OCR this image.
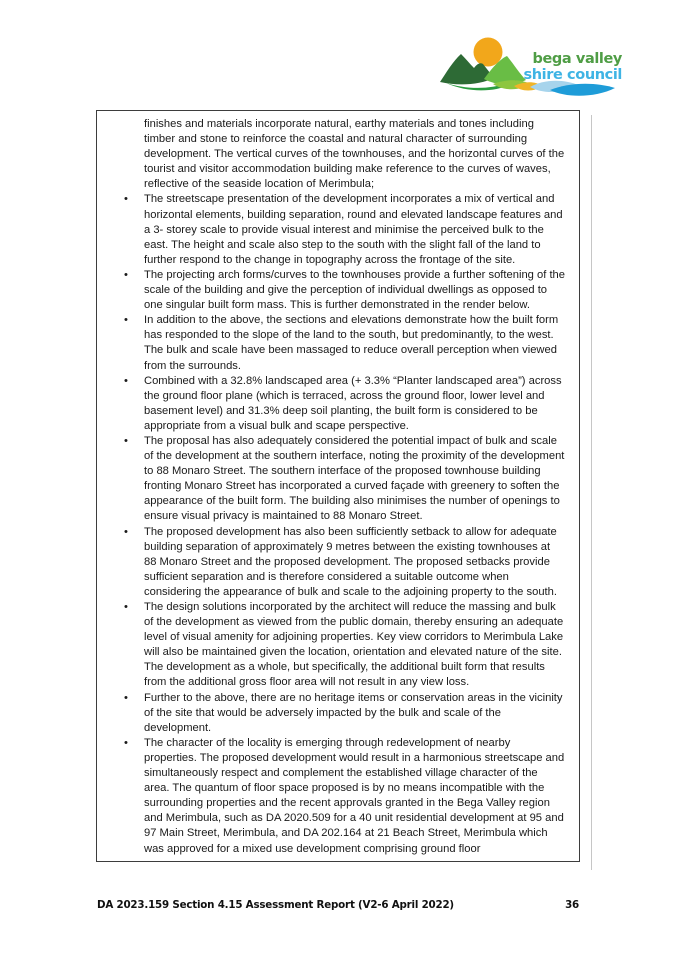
bega valley
shire council
finishes and materials incorporate natural, earthy materials and tones including timber and stone to reinforce the coastal and natural character of surrounding development. The vertical curves of the townhouses, and the horizontal curves of the tourist and visitor accommodation building make reference to the curves of waves, reflective of the seaside location of Merimbula;
• The streetscape presentation of the development incorporates a mix of vertical and horizontal elements, building separation, round and elevated landscape features and a 3- storey scale to provide visual interest and minimise the perceived bulk to the east. The height and scale also step to the south with the slight fall of the land to further respond to the change in topography across the frontage of the site.
• The projecting arch forms/curves to the townhouses provide a further softening of the scale of the building and give the perception of individual dwellings as opposed to one singular built form mass. This is further demonstrated in the render below.
• In addition to the above, the sections and elevations demonstrate how the built form has responded to the slope of the land to the south, but predominantly, to the west. The bulk and scale have been massaged to reduce overall perception when viewed from the surrounds.
• Combined with a 32.8% landscaped area (+ 3.3% “Planter landscaped area”) across the ground floor plane (which is terraced, across the ground floor, lower level and basement level) and 31.3% deep soil planting, the built form is considered to be appropriate from a visual bulk and scape perspective.
• The proposal has also adequately considered the potential impact of bulk and scale of the development at the southern interface, noting the proximity of the development to 88 Monaro Street. The southern interface of the proposed townhouse building fronting Monaro Street has incorporated a curved façade with greenery to soften the appearance of the built form. The building also minimises the number of openings to ensure visual privacy is maintained to 88 Monaro Street.
• The proposed development has also been sufficiently setback to allow for adequate building separation of approximately 9 metres between the existing townhouses at 88 Monaro Street and the proposed development. The proposed setbacks provide sufficient separation and is therefore considered a suitable outcome when considering the appearance of bulk and scale to the adjoining property to the south.
• The design solutions incorporated by the architect will reduce the massing and bulk of the development as viewed from the public domain, thereby ensuring an adequate level of visual amenity for adjoining properties. Key view corridors to Merimbula Lake will also be maintained given the location, orientation and elevated nature of the site. The development as a whole, but specifically, the additional built form that results from the additional gross floor area will not result in any view loss.
• Further to the above, there are no heritage items or conservation areas in the vicinity of the site that would be adversely impacted by the bulk and scale of the development.
• The character of the locality is emerging through redevelopment of nearby properties. The proposed development would result in a harmonious streetscape and simultaneously respect and complement the established village character of the area. The quantum of floor space proposed is by no means incompatible with the surrounding properties and the recent approvals granted in the Bega Valley region and Merimbula, such as DA 2020.509 for a 40 unit residential development at 95 and 97 Main Street, Merimbula, and DA 202.164 at 21 Beach Street, Merimbula which was approved for a mixed use development comprising ground floor
DA 2023.159 Section 4.15 Assessment Report (V2-6 April 2022)	36
